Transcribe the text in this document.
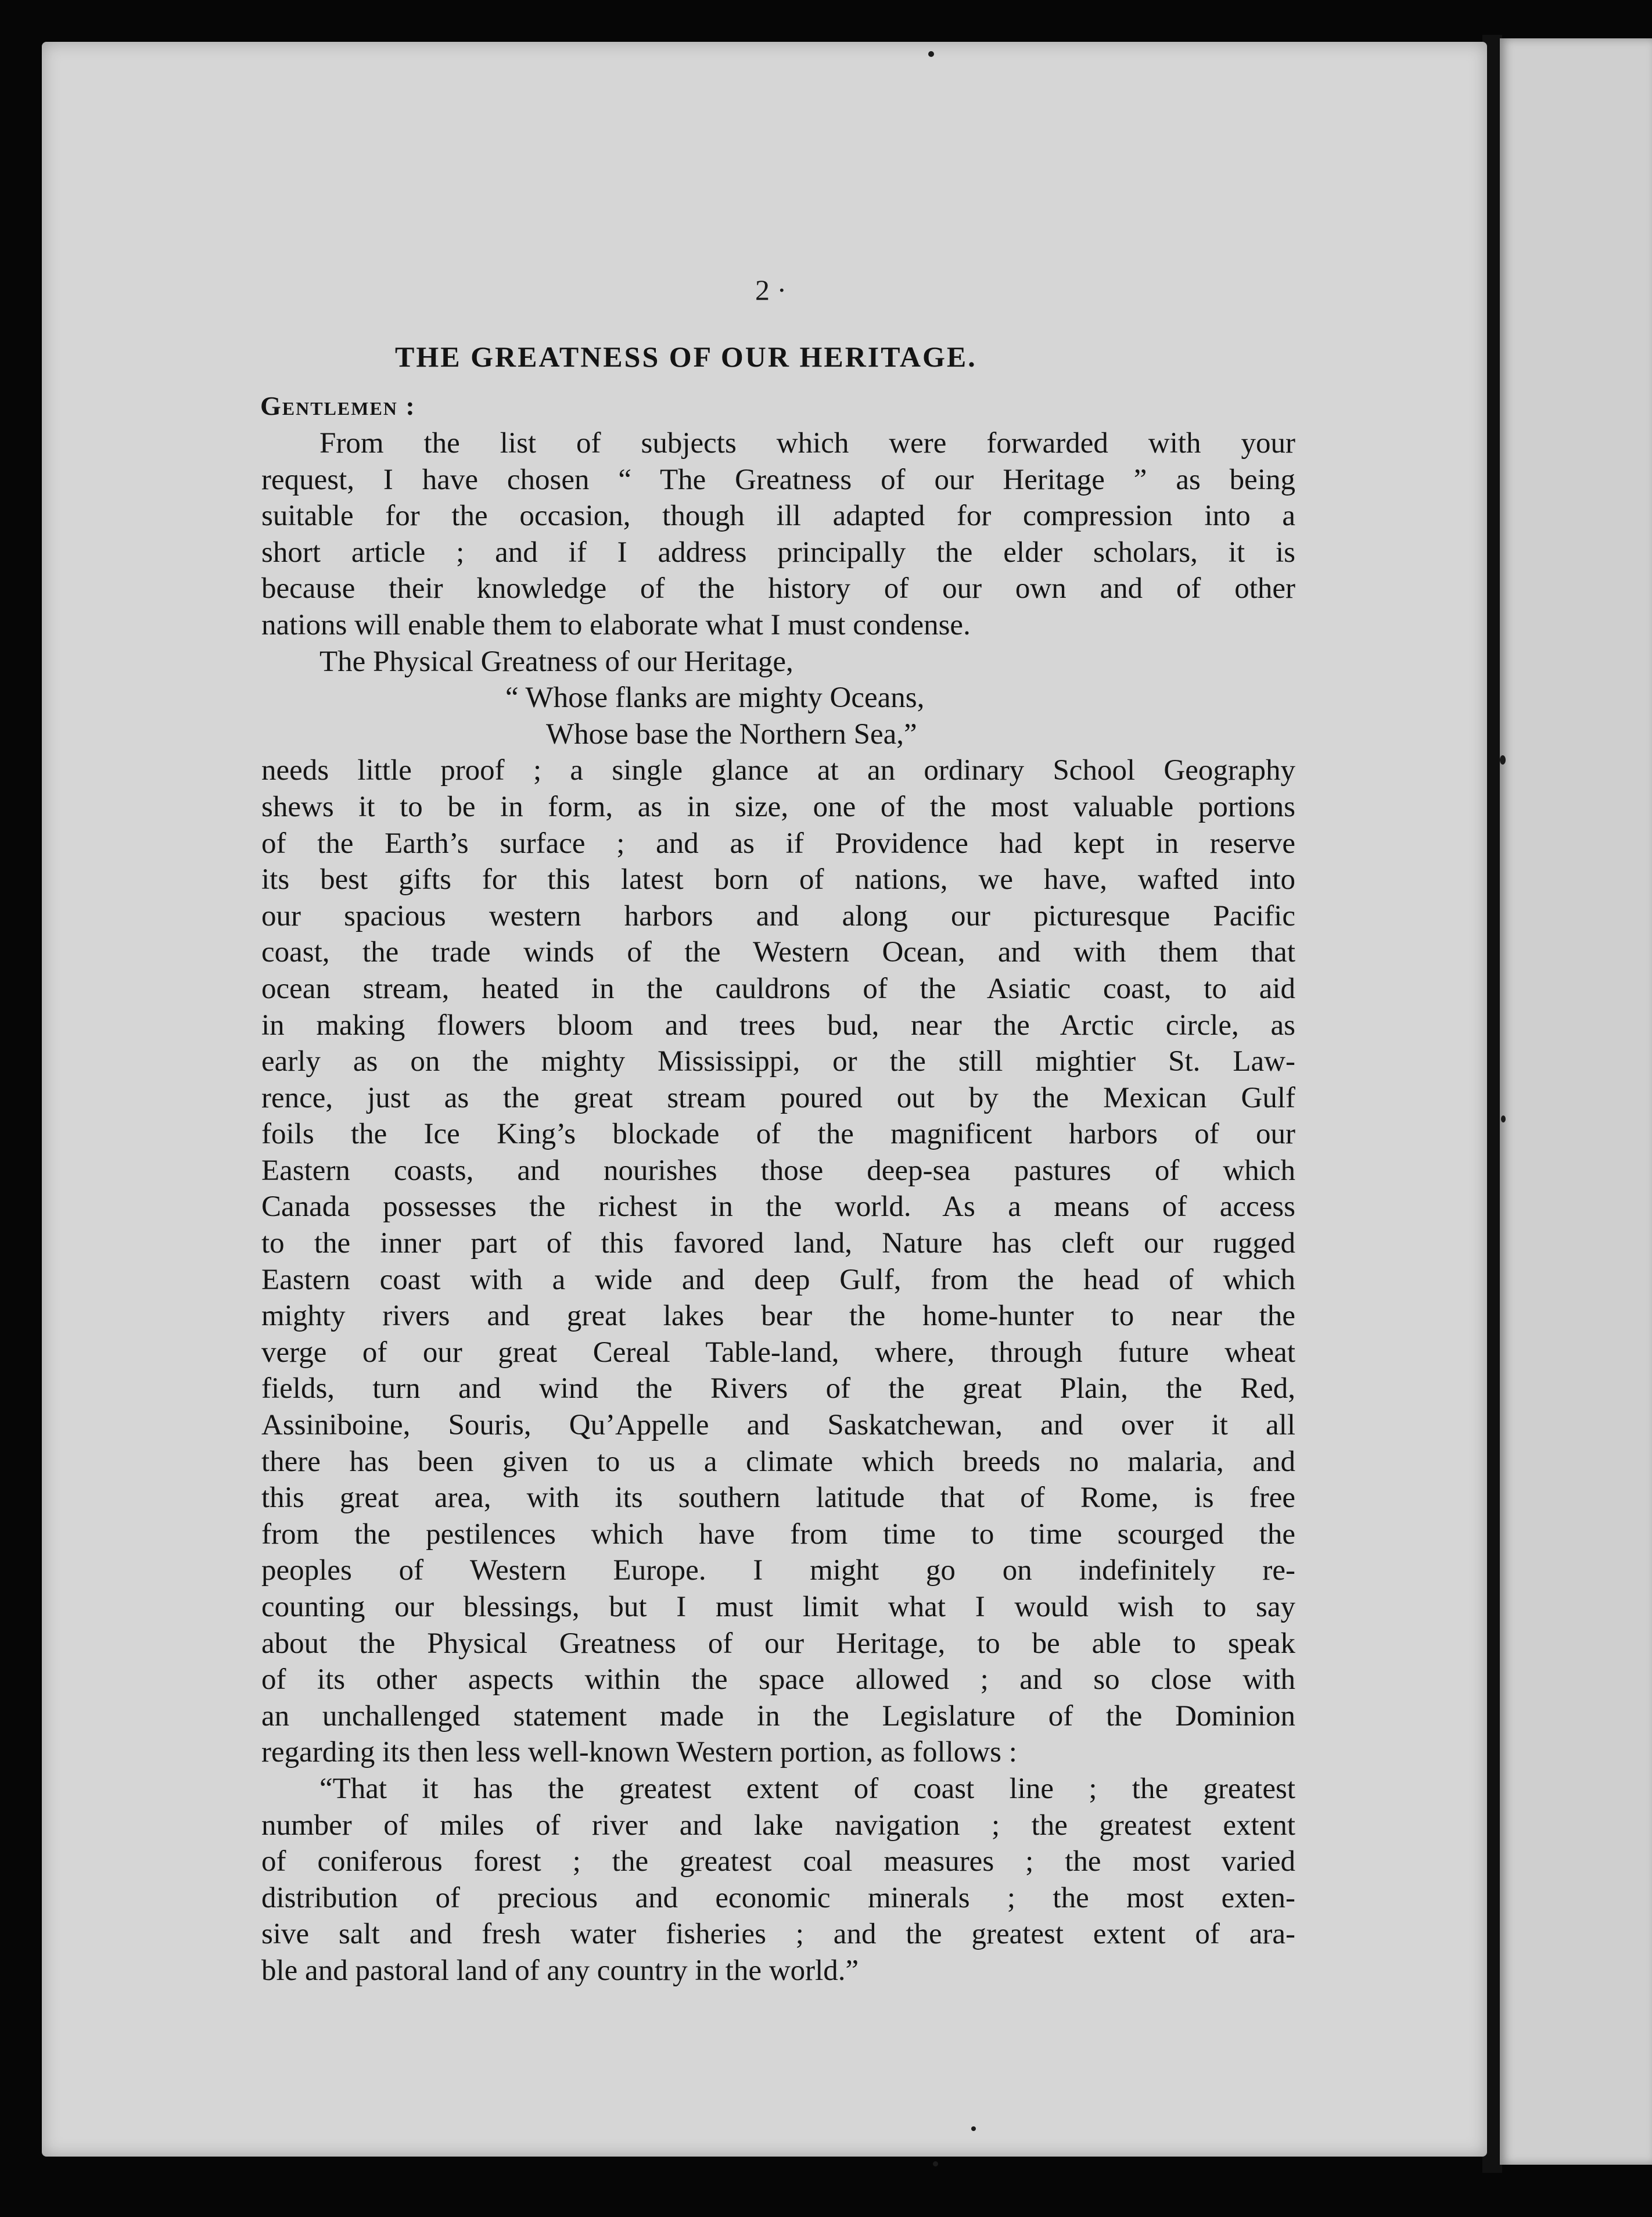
2 ·
THE GREATNESS OF OUR HERITAGE.
Gentlemen :
From the list of subjects which were forwarded with your
request, I have chosen “ The Greatness of our Heritage ” as being
suitable for the occasion, though ill adapted for compression into a
short article ; and if I address principally the elder scholars, it is
because their knowledge of the history of our own and of other
nations will enable them to elaborate what I must condense.
The Physical Greatness of our Heritage,
“ Whose flanks are mighty Oceans,
Whose base the Northern Sea,”
needs little proof ; a single glance at an ordinary School Geography
shews it to be in form, as in size, one of the most valuable portions
of the Earth’s surface ; and as if Providence had kept in reserve
its best gifts for this latest born of nations, we have, wafted into
our spacious western harbors and along our picturesque Pacific
coast, the trade winds of the Western Ocean, and with them that
ocean stream, heated in the cauldrons of the Asiatic coast, to aid
in making flowers bloom and trees bud, near the Arctic circle, as
early as on the mighty Mississippi, or the still mightier St. Law-
rence, just as the great stream poured out by the Mexican Gulf
foils the Ice King’s blockade of the magnificent harbors of our
Eastern coasts, and nourishes those deep-sea pastures of which
Canada possesses the richest in the world. As a means of access
to the inner part of this favored land, Nature has cleft our rugged
Eastern coast with a wide and deep Gulf, from the head of which
mighty rivers and great lakes bear the home-hunter to near the
verge of our great Cereal Table-land, where, through future wheat
fields, turn and wind the Rivers of the great Plain, the Red,
Assiniboine, Souris, Qu’Appelle and Saskatchewan, and over it all
there has been given to us a climate which breeds no malaria, and
this great area, with its southern latitude that of Rome, is free
from the pestilences which have from time to time scourged the
peoples of Western Europe. I might go on indefinitely re-
counting our blessings, but I must limit what I would wish to say
about the Physical Greatness of our Heritage, to be able to speak
of its other aspects within the space allowed ; and so close with
an unchallenged statement made in the Legislature of the Dominion
regarding its then less well-known Western portion, as follows :
“That it has the greatest extent of coast line ; the greatest
number of miles of river and lake navigation ; the greatest extent
of coniferous forest ; the greatest coal measures ; the most varied
distribution of precious and economic minerals ; the most exten-
sive salt and fresh water fisheries ; and the greatest extent of ara-
ble and pastoral land of any country in the world.”
